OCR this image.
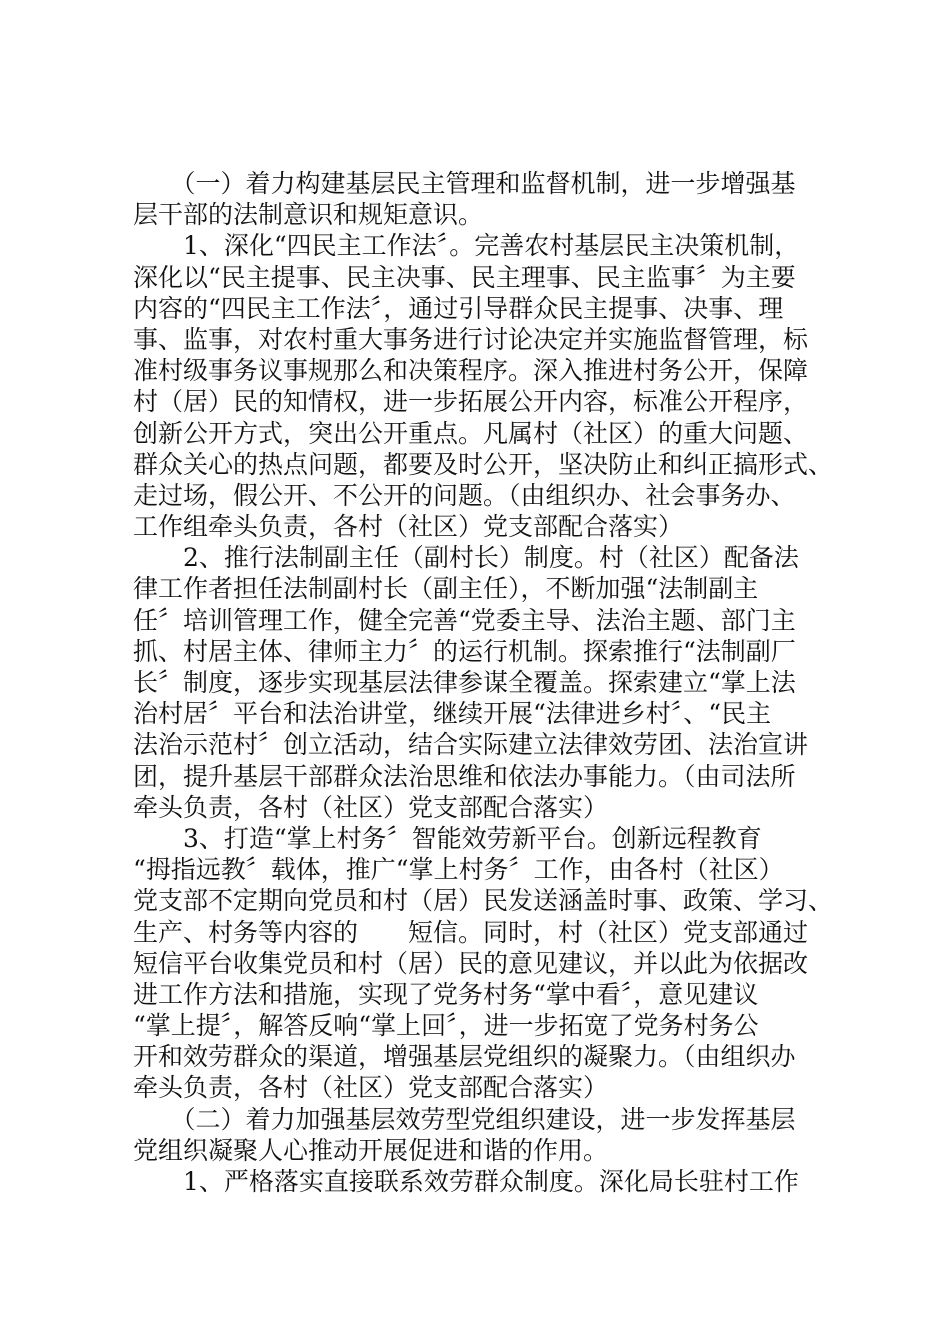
　　（一）着力构建基层民主管理和监督机制，进一步增强基
层干部的法制意识和规矩意识。
　　1、深化“四民主工作法〞。完善农村基层民主决策机制，
深化以“民主提事、民主决事、民主理事、民主监事〞为主要
内容的“四民主工作法〞，通过引导群众民主提事、决事、理
事、监事，对农村重大事务进行讨论决定并实施监督管理，标
准村级事务议事规那么和决策程序。深入推进村务公开，保障
村（居）民的知情权，进一步拓展公开内容，标准公开程序，
创新公开方式，突出公开重点。凡属村（社区）的重大问题、
群众关心的热点问题，都要及时公开，坚决防止和纠正搞形式、
走过场，假公开、不公开的问题。（由组织办、社会事务办、
工作组牵头负责，各村（社区）党支部配合落实）
　　2、推行法制副主任（副村长）制度。村（社区）配备法
律工作者担任法制副村长（副主任），不断加强“法制副主
任〞培训管理工作，健全完善“党委主导、法治主题、部门主
抓、村居主体、律师主力〞的运行机制。探索推行“法制副厂
长〞制度，逐步实现基层法律参谋全覆盖。探索建立“掌上法
治村居〞平台和法治讲堂，继续开展“法律进乡村〞、“民主
法治示范村〞创立活动，结合实际建立法律效劳团、法治宣讲
团，提升基层干部群众法治思维和依法办事能力。（由司法所
牵头负责，各村（社区）党支部配合落实）
　　3、打造“掌上村务〞智能效劳新平台。创新远程教育
“拇指远教〞载体，推广“掌上村务〞工作，由各村（社区）
党支部不定期向党员和村（居）民发送涵盖时事、政策、学习、
生产、村务等内容的　　短信。同时，村（社区）党支部通过
短信平台收集党员和村（居）民的意见建议，并以此为依据改
进工作方法和措施，实现了党务村务“掌中看〞，意见建议
“掌上提〞，解答反响“掌上回〞，进一步拓宽了党务村务公
开和效劳群众的渠道，增强基层党组织的凝聚力。（由组织办
牵头负责，各村（社区）党支部配合落实）
　　（二）着力加强基层效劳型党组织建设，进一步发挥基层
党组织凝聚人心推动开展促进和谐的作用。
　　1、严格落实直接联系效劳群众制度。深化局长驻村工作
